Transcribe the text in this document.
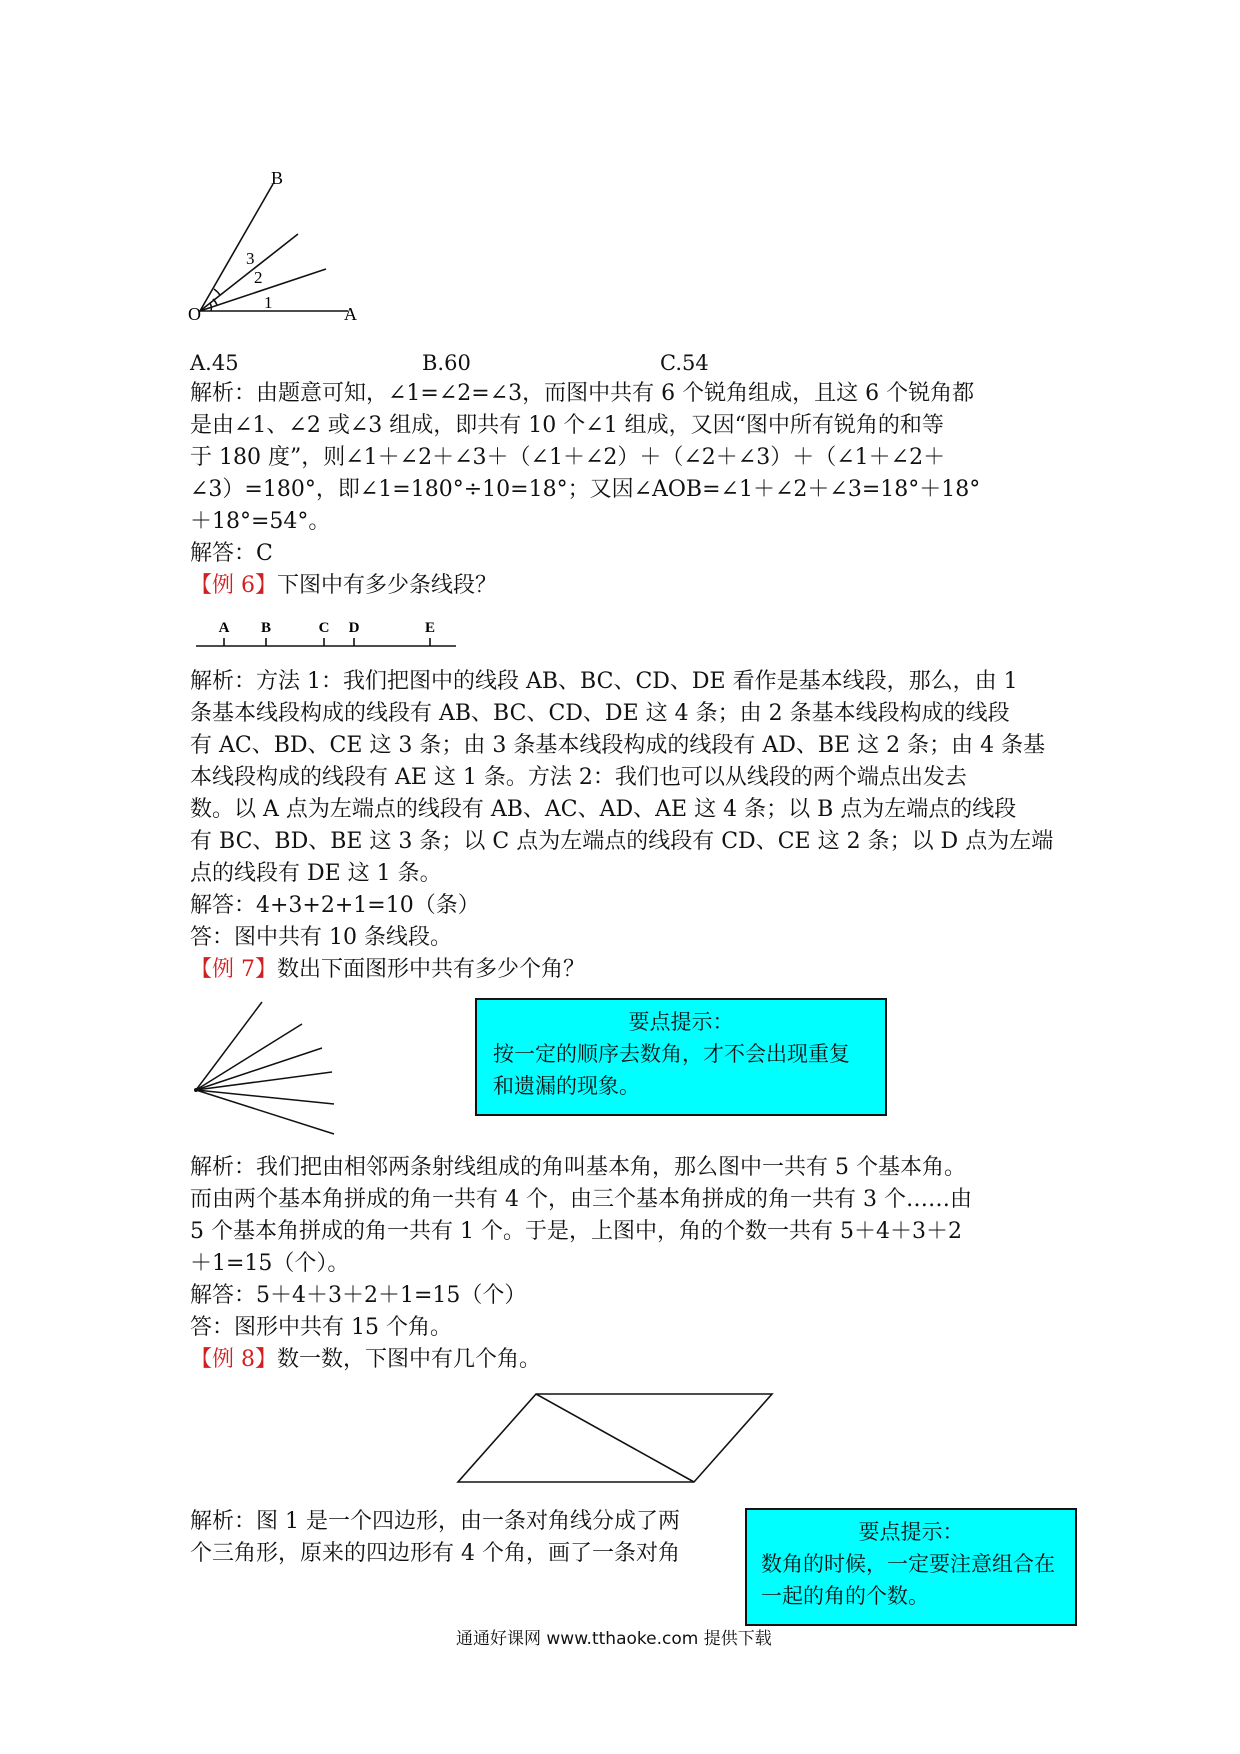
B
O	A
1
2
3
A.45	B.60	C.54
解析：由题意可知，∠1=∠2=∠3，而图中共有 6 个锐角组成，且这 6 个锐角都
是由∠1、∠2 或∠3 组成，即共有 10 个∠1 组成，又因“图中所有锐角的和等
于 180 度”，则∠1＋∠2＋∠3＋（∠1＋∠2）＋（∠2＋∠3）＋（∠1＋∠2＋
∠3）=180°，即∠1=180°÷10=18°；又因∠AOB=∠1＋∠2＋∠3=18°＋18°
＋18°=54°。
解答：C
【例 6】下图中有多少条线段？
A B	C D	E
解析：方法 1：我们把图中的线段 AB、BC、CD、DE 看作是基本线段，那么，由 1
条基本线段构成的线段有 AB、BC、CD、DE 这 4 条；由 2 条基本线段构成的线段
有 AC、BD、CE 这 3 条；由 3 条基本线段构成的线段有 AD、BE 这 2 条；由 4 条基
本线段构成的线段有 AE 这 1 条。方法 2：我们也可以从线段的两个端点出发去
数。以 A 点为左端点的线段有 AB、AC、AD、AE 这 4 条；以 B 点为左端点的线段
有 BC、BD、BE 这 3 条；以 C 点为左端点的线段有 CD、CE 这 2 条；以 D 点为左端
点的线段有 DE 这 1 条。
解答：4+3+2+1=10（条）
答：图中共有 10 条线段。
【例 7】数出下面图形中共有多少个角？
要点提示：
按一定的顺序去数角，才不会出现重复
和遗漏的现象。
解析：我们把由相邻两条射线组成的角叫基本角，那么图中一共有 5 个基本角。
而由两个基本角拼成的角一共有 4 个，由三个基本角拼成的角一共有 3 个……由
5 个基本角拼成的角一共有 1 个。于是，上图中，角的个数一共有 5＋4＋3＋2
＋1=15（个）。
解答：5＋4＋3＋2＋1=15（个）
答：图形中共有 15 个角。
【例 8】数一数，下图中有几个角。
解析：图 1 是一个四边形，由一条对角线分成了两
个三角形，原来的四边形有 4 个角，画了一条对角
要点提示：
数角的时候，一定要注意组合在
一起的角的个数。
通通好课网 www.tthaoke.com 提供下载
